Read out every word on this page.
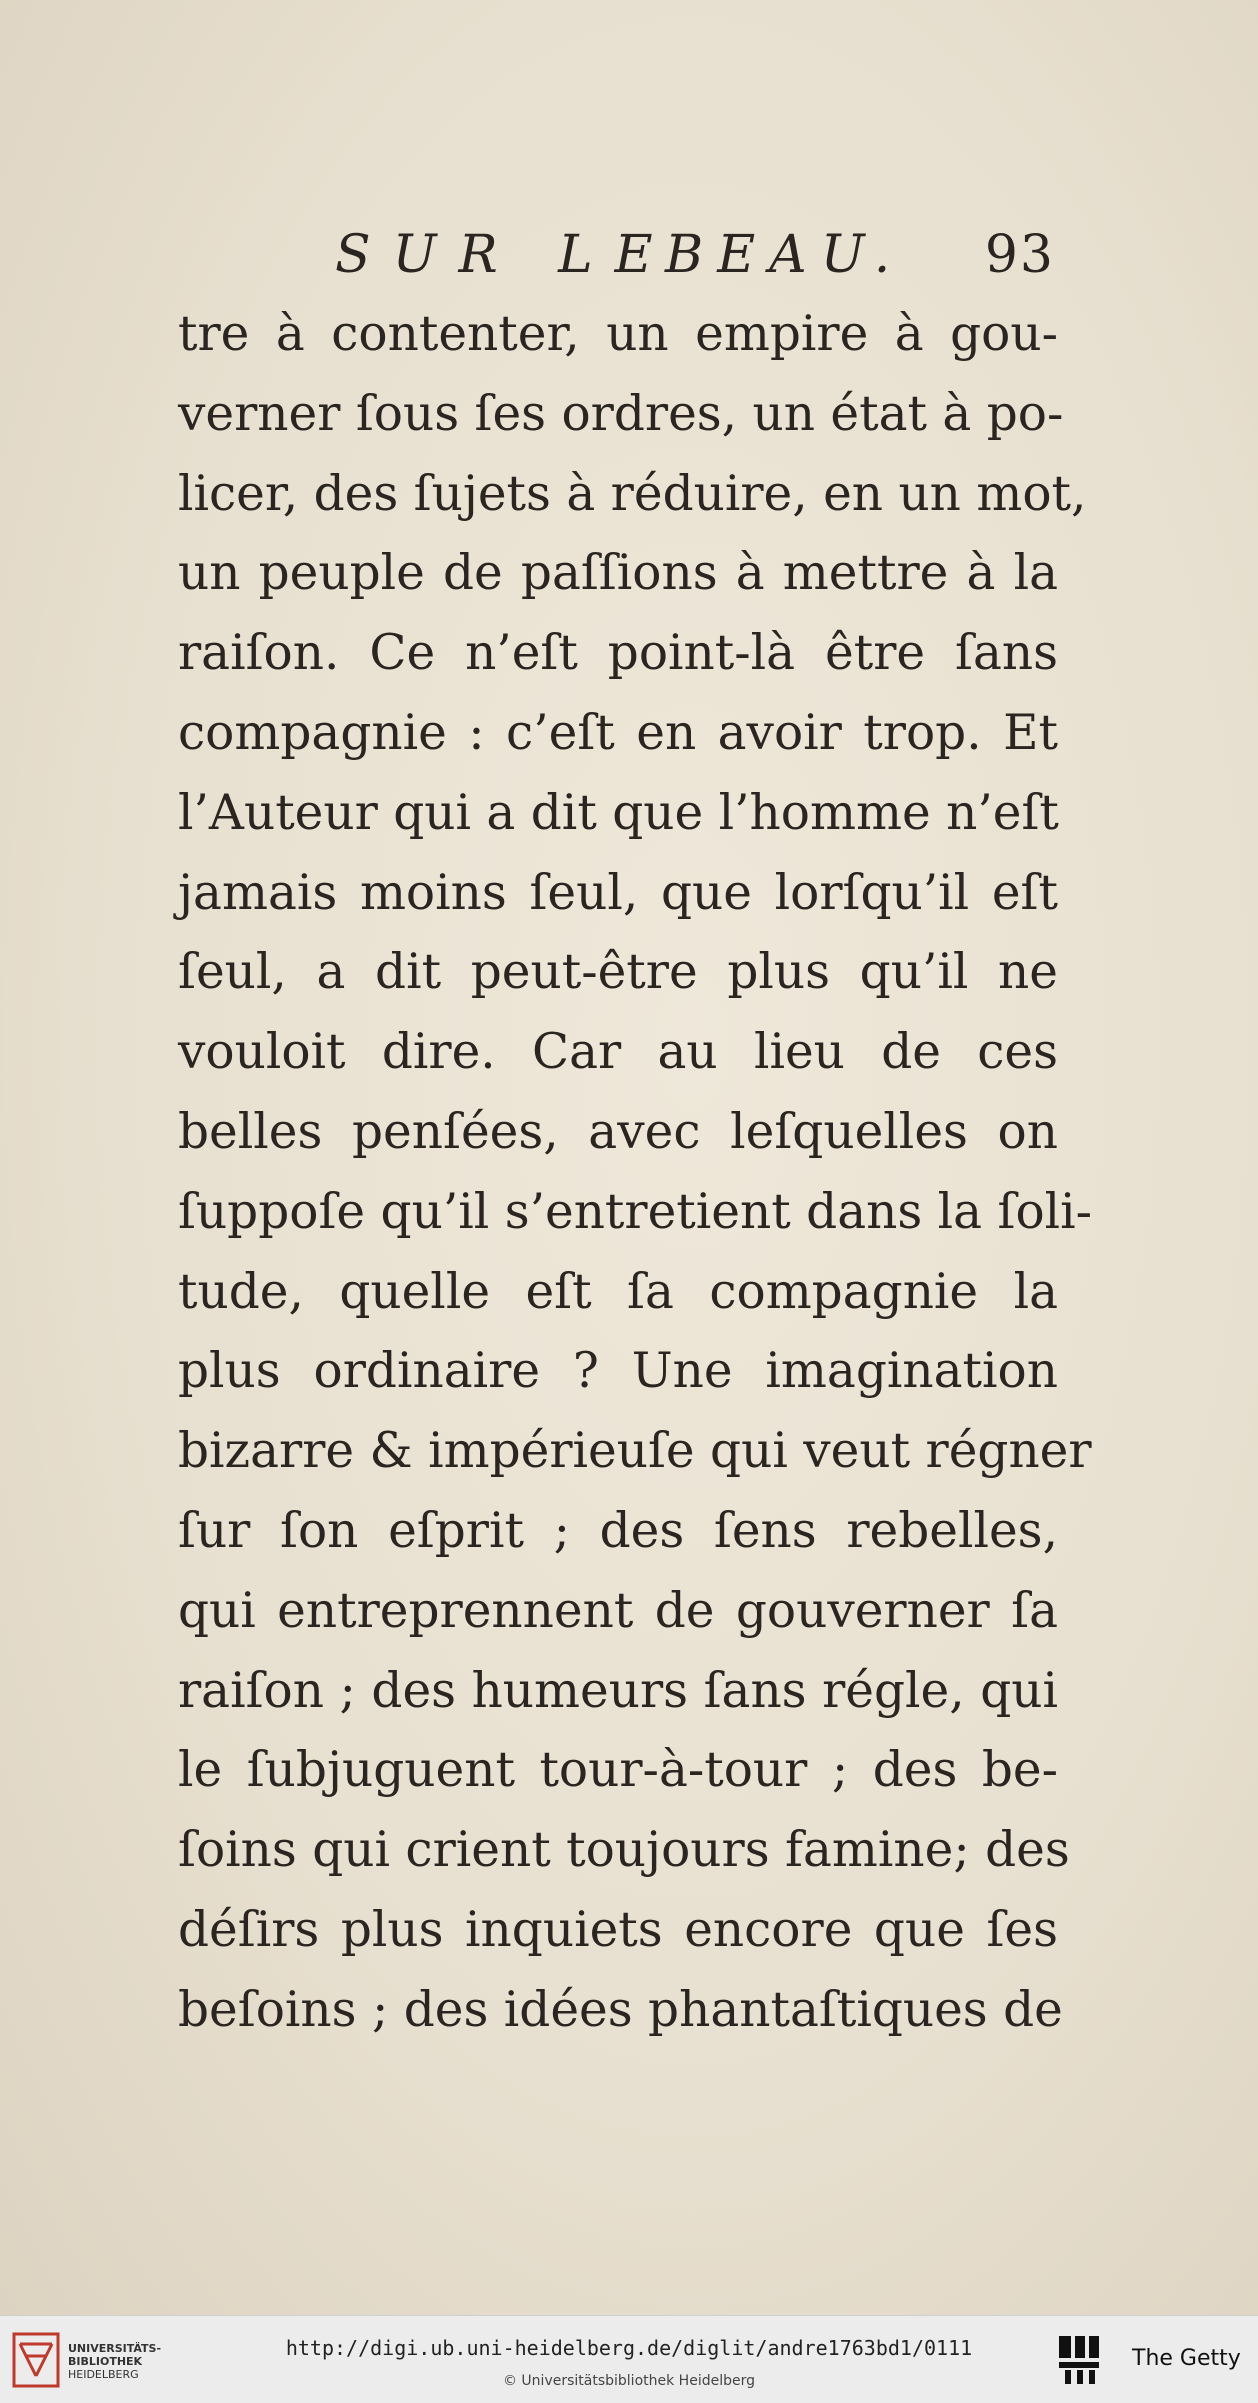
SUR LE
BEAU. 93
tre à contenter, un empire à gou-
verner ſous ſes ordres, un état à po-
licer, des ſujets à réduire, en un mot,
un peuple de paſſions à mettre à la
raiſon. Ce n’eſt point-là être ſans
compagnie : c’eſt en avoir trop. Et
l’Auteur qui a dit que l’homme n’eſt
jamais moins ſeul, que lorſqu’il eſt
ſeul, a dit peut-être plus qu’il ne
vouloit dire. Car au lieu de ces
belles penſées, avec leſquelles on
ſuppoſe qu’il s’entretient dans la ſoli-
tude, quelle eſt ſa compagnie la
plus ordinaire ? Une imagination
bizarre & impérieuſe qui veut régner
ſur ſon eſprit ; des ſens rebelles,
qui entreprennent de gouverner ſa
raiſon ; des humeurs ſans régle, qui
le ſubjuguent tour-à-tour ; des be-
ſoins qui crient toujours famine; des
déſirs plus inquiets encore que ſes
beſoins ; des idées phantaſtiques de
UNIVERSITÄTS-
BIBLIOTHEK
HEIDELBERG
http://digi.ub.uni-heidelberg.de/diglit/andre1763bd1/0111
© Universitätsbibliothek Heidelberg
The Getty
